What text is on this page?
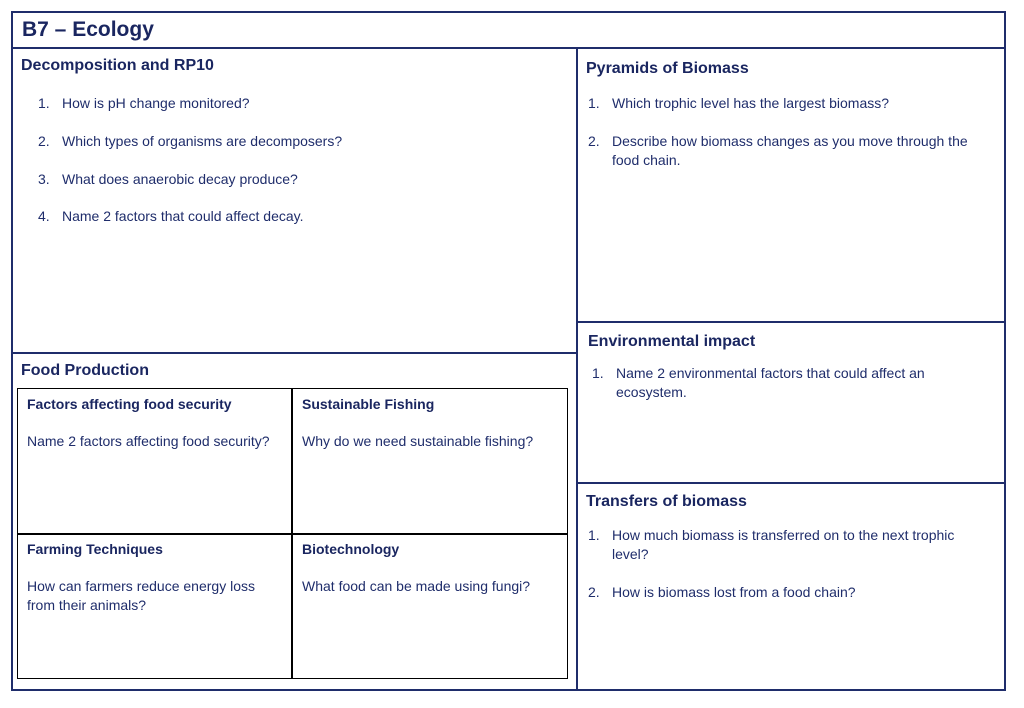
B7 – Ecology
Decomposition and RP10
1. How is pH change monitored?
2. Which types of organisms are decomposers?
3. What does anaerobic decay produce?
4. Name 2 factors that could affect decay.
Pyramids of Biomass
1. Which trophic level has the largest biomass?
2. Describe how biomass changes as you move through the food chain.
Environmental impact
1. Name 2 environmental factors that could affect an ecosystem.
Transfers of biomass
1. How much biomass is transferred on to the next trophic level?
2. How is biomass lost from a food chain?
Food Production
Factors affecting food security
Name 2 factors affecting food security?
Sustainable Fishing
Why do we need sustainable fishing?
Farming Techniques
How can farmers reduce energy loss from their animals?
Biotechnology
What food can be made using fungi?
